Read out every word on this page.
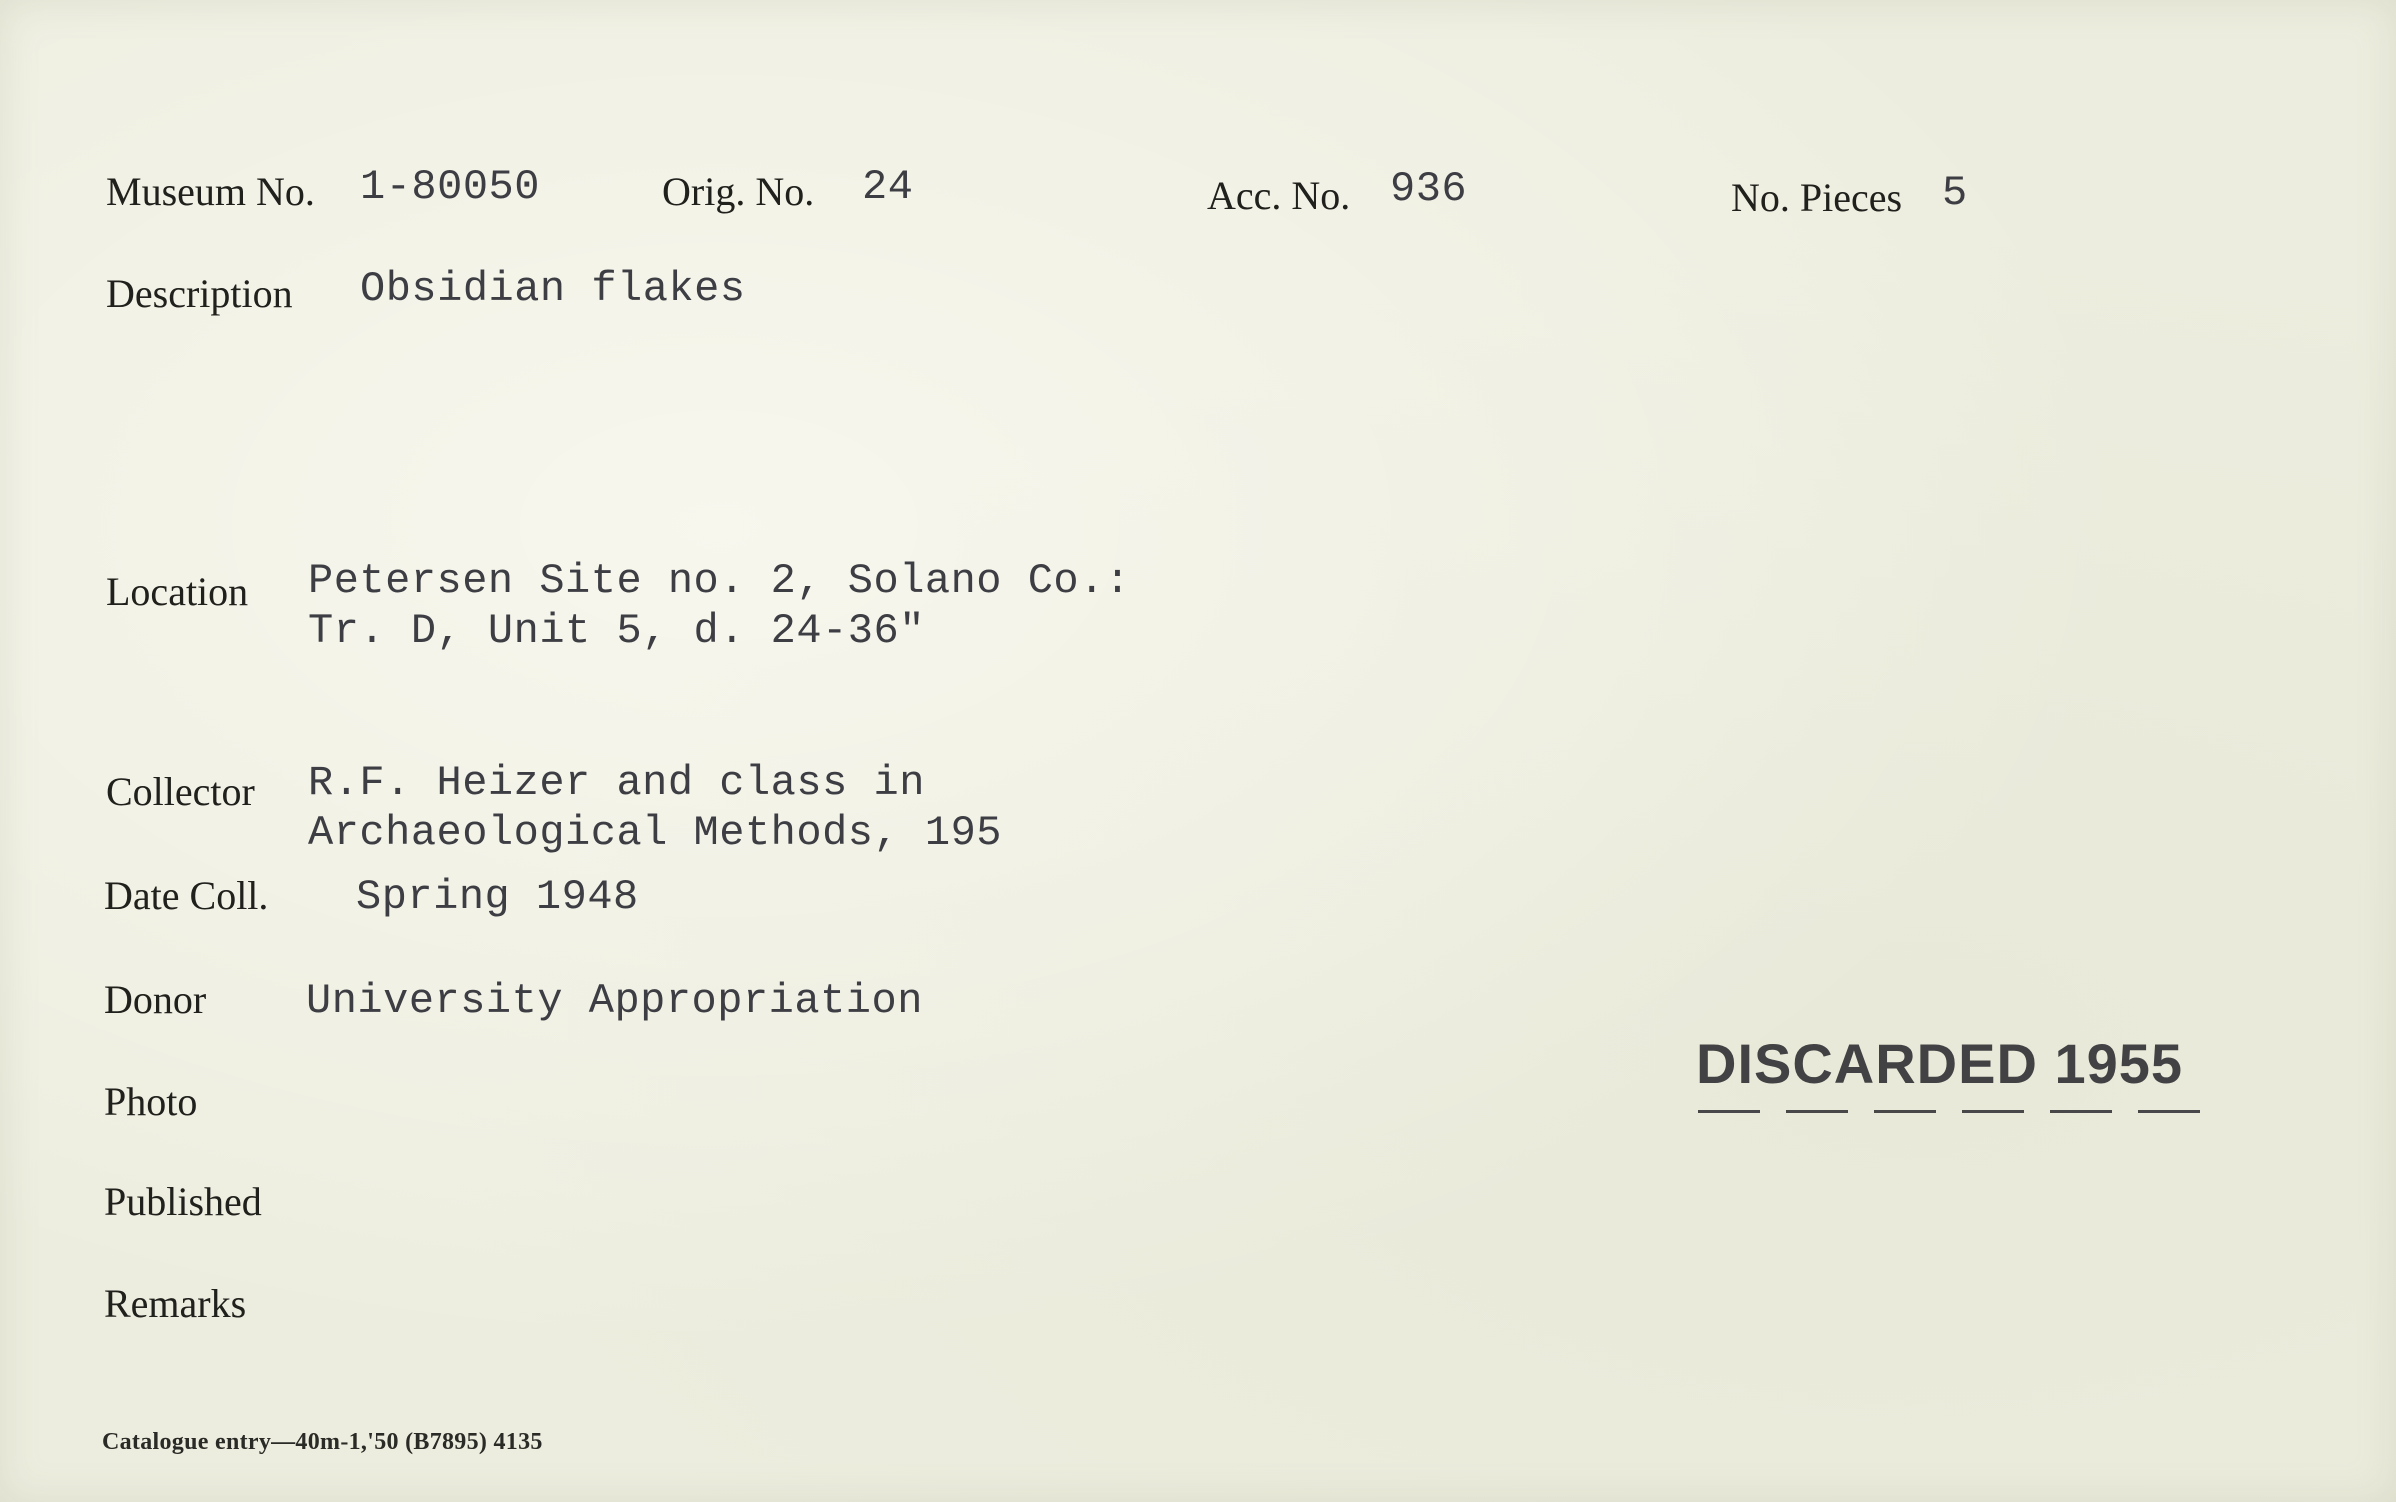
Museum No. 1-80050	Orig. No. 24	Acc. No. 936	No. Pieces 5
Description Obsidian flakes
Location Petersen Site no. 2, Solano Co.:
Tr. D, Unit 5, d. 24-36"
Collector R.F. Heizer and class in
Archaeological Methods, 195
Date Coll. Spring 1948
Donor University Appropriation
Photo
Published
Remarks
DISCARDED 1955
Catalogue entry—40m-1,'50 (B7895) 4135
